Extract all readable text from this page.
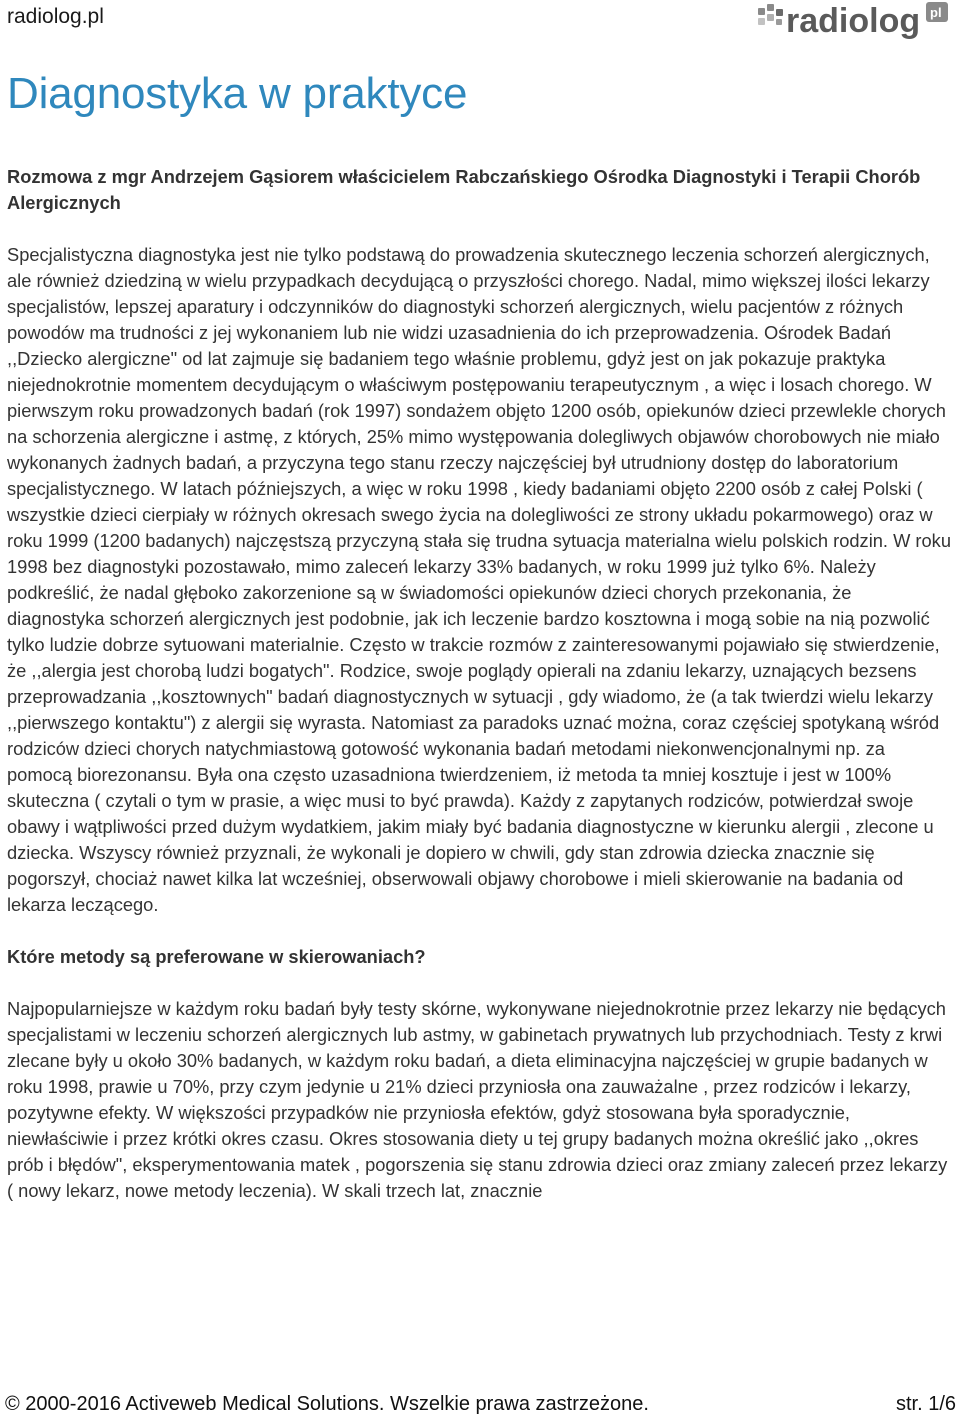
radiolog.pl	radiolog pl
Diagnostyka w praktyce

Rozmowa z mgr Andrzejem Gąsiorem właścicielem Rabczańskiego Ośrodka Diagnostyki i Terapii Chorób Alergicznych

Specjalistyczna diagnostyka jest nie tylko podstawą do prowadzenia skutecznego leczenia schorzeń alergicznych, ale również dziedziną w wielu przypadkach decydującą o przyszłości chorego. Nadal, mimo większej ilości lekarzy specjalistów, lepszej aparatury i odczynników do diagnostyki schorzeń alergicznych, wielu pacjentów z różnych powodów ma trudności z jej wykonaniem lub nie widzi uzasadnienia do ich przeprowadzenia. Ośrodek Badań ,,Dziecko alergiczne" od lat zajmuje się badaniem tego właśnie problemu, gdyż jest on jak pokazuje praktyka niejednokrotnie momentem decydującym o właściwym postępowaniu terapeutycznym , a więc i losach chorego. W pierwszym roku prowadzonych badań (rok 1997) sondażem objęto 1200 osób, opiekunów dzieci przewlekle chorych na schorzenia alergiczne i astmę, z których, 25% mimo występowania dolegliwych objawów chorobowych nie miało wykonanych żadnych badań, a przyczyna tego stanu rzeczy najczęściej był utrudniony dostęp do laboratorium specjalistycznego. W latach późniejszych, a więc w roku 1998 , kiedy badaniami objęto 2200 osób z całej Polski ( wszystkie dzieci cierpiały w różnych okresach swego życia na dolegliwości ze strony układu pokarmowego) oraz w roku 1999 (1200 badanych) najczęstszą przyczyną stała się trudna sytuacja materialna wielu polskich rodzin. W roku 1998 bez diagnostyki pozostawało, mimo zaleceń lekarzy 33% badanych, w roku 1999 już tylko 6%. Należy podkreślić, że nadal głęboko zakorzenione są w świadomości opiekunów dzieci chorych przekonania, że diagnostyka schorzeń alergicznych jest podobnie, jak ich leczenie bardzo kosztowna i mogą sobie na nią pozwolić tylko ludzie dobrze sytuowani materialnie. Często w trakcie rozmów z zainteresowanymi pojawiało się stwierdzenie, że ,,alergia jest chorobą ludzi bogatych". Rodzice, swoje poglądy opierali na zdaniu lekarzy, uznających bezsens przeprowadzania ,,kosztownych" badań diagnostycznych w sytuacji , gdy wiadomo, że (a tak twierdzi wielu lekarzy ,,pierwszego kontaktu") z alergii się wyrasta. Natomiast za paradoks uznać można, coraz częściej spotykaną wśród rodziców dzieci chorych natychmiastową gotowość wykonania badań metodami niekonwencjonalnymi np. za pomocą biorezonansu. Była ona często uzasadniona twierdzeniem, iż metoda ta mniej kosztuje i jest w 100% skuteczna ( czytali o tym w prasie, a więc musi to być prawda). Każdy z zapytanych rodziców, potwierdzał swoje obawy i wątpliwości przed dużym wydatkiem, jakim miały być badania diagnostyczne w kierunku alergii , zlecone u dziecka. Wszyscy również przyznali, że wykonali je dopiero w chwili, gdy stan zdrowia dziecka znacznie się pogorszył, chociaż nawet kilka lat wcześniej, obserwowali objawy chorobowe i mieli skierowanie na badania od lekarza leczącego.

Które metody są preferowane w skierowaniach?

Najpopularniejsze w każdym roku badań były testy skórne, wykonywane niejednokrotnie przez lekarzy nie będących specjalistami w leczeniu schorzeń alergicznych lub astmy, w gabinetach prywatnych lub przychodniach. Testy z krwi zlecane były u około 30% badanych, w każdym roku badań, a dieta eliminacyjna najczęściej w grupie badanych w roku 1998, prawie u 70%, przy czym jedynie u 21% dzieci przyniosła ona zauważalne , przez rodziców i lekarzy, pozytywne efekty. W większości przypadków nie przyniosła efektów, gdyż stosowana była sporadycznie, niewłaściwie i przez krótki okres czasu. Okres stosowania diety u tej grupy badanych można określić jako ,,okres prób i błędów", eksperymentowania matek , pogorszenia się stanu zdrowia dzieci oraz zmiany zaleceń przez lekarzy ( nowy lekarz, nowe metody leczenia). W skali trzech lat, znacznie

© 2000-2016 Activeweb Medical Solutions. Wszelkie prawa zastrzeżone.	str. 1/6
